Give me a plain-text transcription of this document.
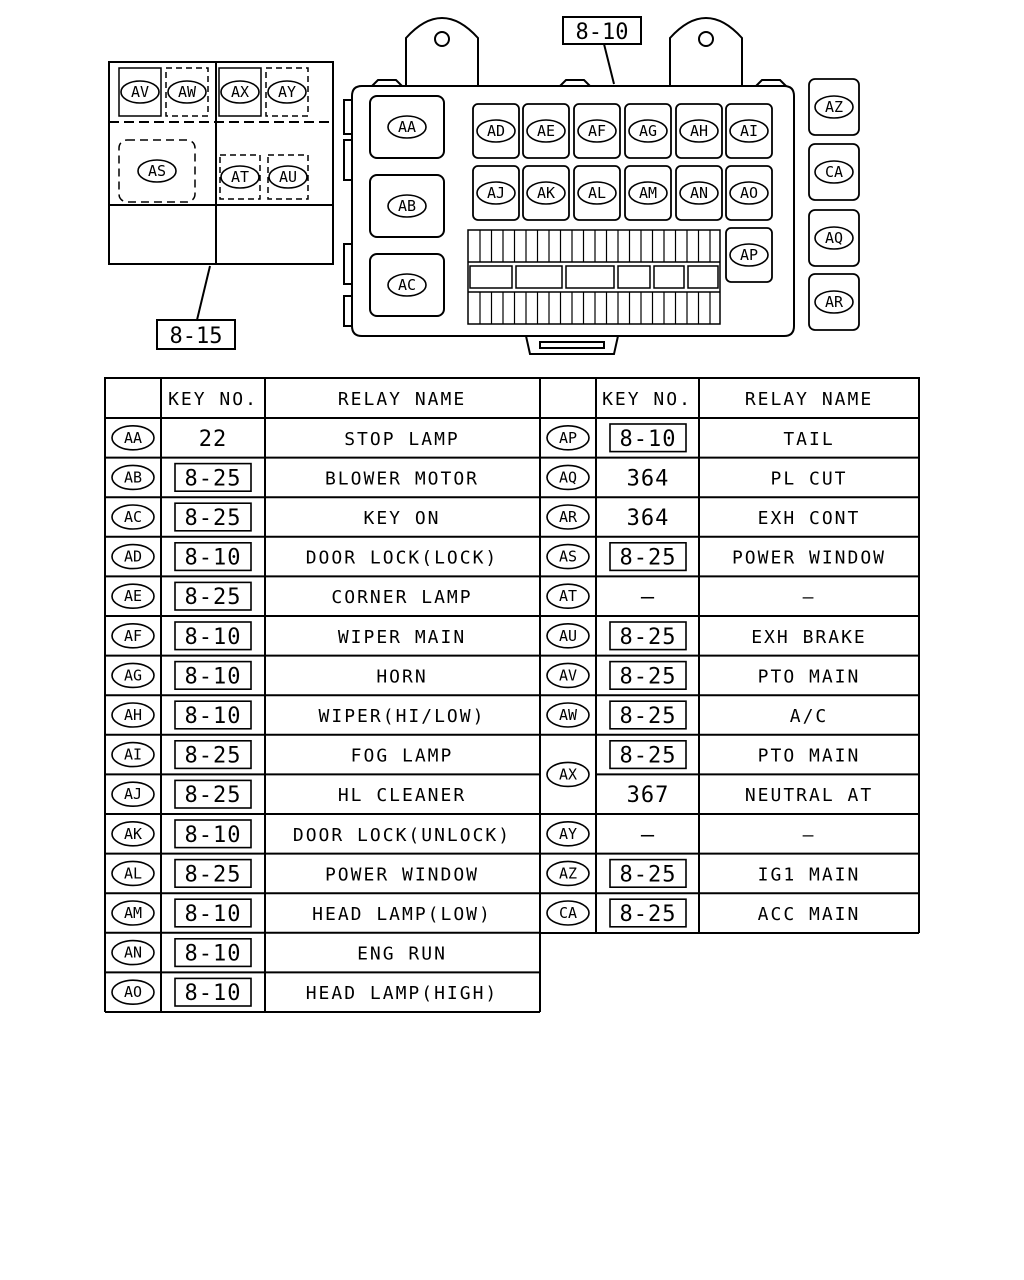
8-10
8-15
AV AW AX AY
AS	AT AU
AA
AB
AC
AD AE AF AG AH AI
AJ AK AL AM AN AO
AP
AZ
CA
AQ
AR
KEY NO.	RELAY NAME	KEY NO.	RELAY NAME
AA	22	STOP LAMP
AB 8-25	BLOWER MOTOR
AC 8-25	KEY ON
AD 8-10	DOOR LOCK(LOCK)
AE 8-25	CORNER LAMP
AF 8-10	WIPER MAIN
AG 8-10	HORN
AH 8-10	WIPER(HI/LOW)
AI 8-25	FOG LAMP
AJ 8-25	HL CLEANER
AK 8-10	DOOR LOCK(UNLOCK)
AL 8-25	POWER WINDOW
AM 8-10	HEAD LAMP(LOW)
AN 8-10	ENG RUN
AO 8-10	HEAD LAMP(HIGH)
AP 8-10	TAIL
AQ 364	PL CUT
AR 364	EXH CONT
AS 8-25	POWER WINDOW
AT	—	—
AU 8-25	EXH BRAKE
AV 8-25	PTO MAIN
AW 8-25	A/C
AX
8-25	PTO MAIN
367	NEUTRAL AT
AY	—	—
AZ 8-25	IG1 MAIN
CA 8-25	ACC MAIN
